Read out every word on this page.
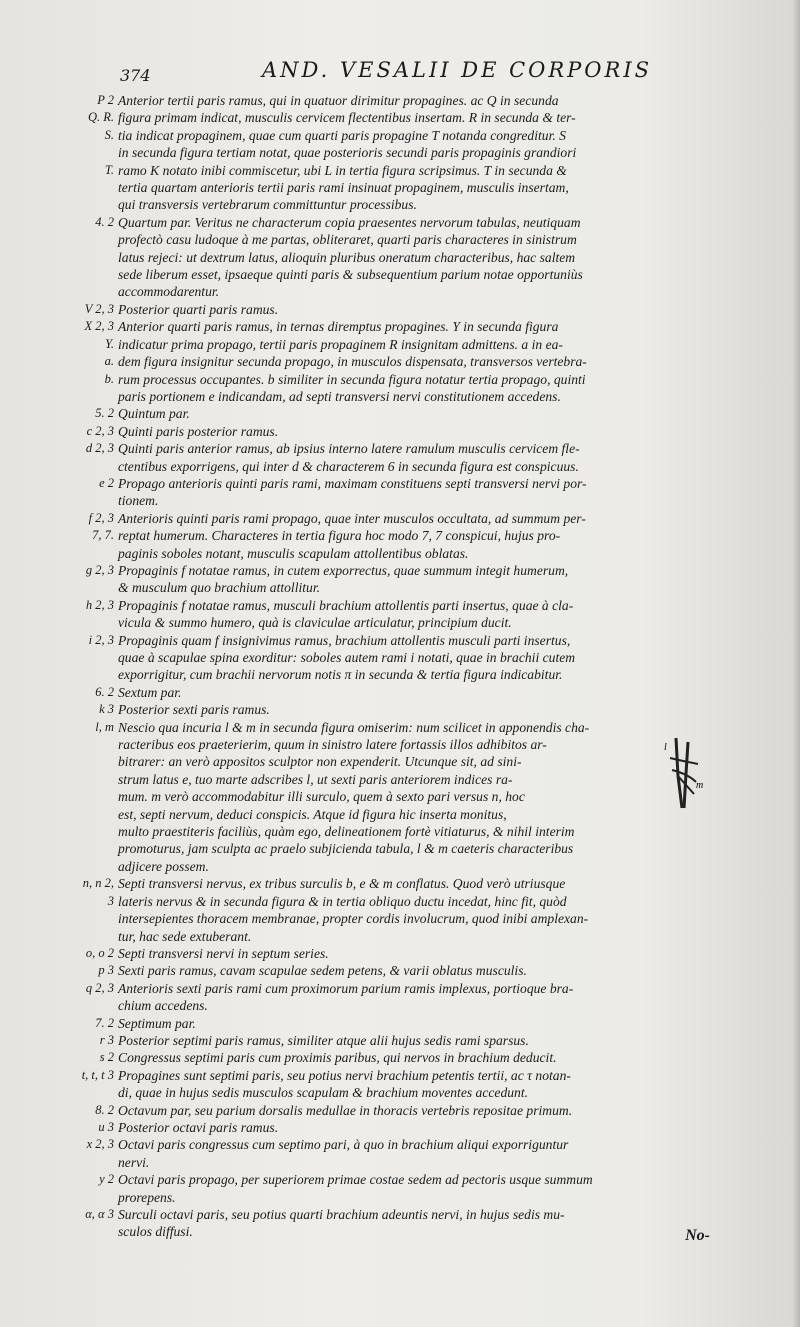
374	AND. VESALII DE CORPORIS
P 2 Anterior tertii paris ramus, qui in quatuor dirimitur propagines. ac Q in secunda
Q. R. figura primam indicat, musculis cervicem flectentibus insertam. R in secunda & ter-
S. tia indicat propaginem, quae cum quarti paris propagine T notanda congreditur. S
in secunda figura tertiam notat, quae posterioris secundi paris propaginis grandiori
T. ramo K notato inibi commiscetur, ubi L in tertia figura scripsimus. T in secunda &
tertia quartam anterioris tertii paris rami insinuat propaginem, musculis insertam,
qui transversis vertebrarum committuntur processibus.
4. 2 Quartum par. Veritus ne characterum copia praesentes nervorum tabulas, neutiquam
profectò casu ludoque à me partas, obliteraret, quarti paris characteres in sinistrum
latus rejeci: ut dextrum latus, alioquin pluribus oneratum characteribus, hac saltem
sede liberum esset, ipsaeque quinti paris & subsequentium parium notae opportuniùs
accommodarentur.
V 2, 3 Posterior quarti paris ramus.
X 2, 3 Anterior quarti paris ramus, in ternas diremptus propagines. Y in secunda figura
Y. indicatur prima propago, tertii paris propaginem R insignitam admittens. a in ea-
a. dem figura insignitur secunda propago, in musculos dispensata, transversos vertebra-
b. rum processus occupantes. b similiter in secunda figura notatur tertia propago, quinti
paris portionem e indicandam, ad septi transversi nervi constitutionem accedens.
5. 2 Quintum par.
c 2, 3 Quinti paris posterior ramus.
d 2, 3 Quinti paris anterior ramus, ab ipsius interno latere ramulum musculis cervicem fle-
ctentibus exporrigens, qui inter d & characterem 6 in secunda figura est conspicuus.
e 2 Propago anterioris quinti paris rami, maximam constituens septi transversi nervi por-
tionem.
f 2, 3 Anterioris quinti paris rami propago, quae inter musculos occultata, ad summum per-
7, 7. reptat humerum. Characteres in tertia figura hoc modo 7, 7 conspicui, hujus pro-
paginis soboles notant, musculis scapulam attollentibus oblatas.
g 2, 3 Propaginis f notatae ramus, in cutem exporrectus, quae summum integit humerum,
& musculum quo brachium attollitur.
h 2, 3 Propaginis f notatae ramus, musculi brachium attollentis parti insertus, quae à cla-
vicula & summo humero, quà is claviculae articulatur, principium ducit.
i 2, 3 Propaginis quam f insignivimus ramus, brachium attollentis musculi parti insertus,
quae à scapulae spina exorditur: soboles autem rami i notati, quae in brachii cutem
exporrigitur, cum brachii nervorum notis π in secunda & tertia figura indicabitur.
6. 2 Sextum par.
k 3 Posterior sexti paris ramus.
l, m Nescio qua incuria l & m in secunda figura omiserim: num scilicet in apponendis cha-
racteribus eos praeterierim, quum in sinistro latere fortassis illos adhibitos ar-
bitrarer: an verò appositos sculptor non expenderit. Utcunque sit, ad sini-
strum latus e, tuo marte adscribes l, ut sexti paris anteriorem indices ra-
mum. m verò accommodabitur illi surculo, quem à sexto pari versus n, hoc
est, septi nervum, deduci conspicis. Atque id figura hic inserta monitus,
multo praestiteris faciliùs, quàm ego, delineationem fortè vitiaturus, & nihil interim
promoturus, jam sculpta ac praelo subjicienda tabula, l & m caeteris characteribus
adjicere possem.
n, n 2, 3
Septi transversi nervus, ex tribus surculis b, e & m conflatus. Quod verò utriusque
lateris nervus & in secunda figura & in tertia obliquo ductu incedat, hinc fit, quòd
intersepientes thoracem membranae, propter cordis involucrum, quod inibi amplexan-
tur, hac sede extuberant.
o, o 2 Septi transversi nervi in septum series.
p 3 Sexti paris ramus, cavam scapulae sedem petens, & varii oblatus musculis.
q 2, 3 Anterioris sexti paris rami cum proximorum parium ramis implexus, portioque bra-
chium accedens.
7. 2 Septimum par.
r 3 Posterior septimi paris ramus, similiter atque alii hujus sedis rami sparsus.
s 2 Congressus septimi paris cum proximis paribus, qui nervos in brachium deducit.
t, t, t 3 Propagines sunt septimi paris, seu potius nervi brachium petentis tertii, ac τ notan-
di, quae in hujus sedis musculos scapulam & brachium moventes accedunt.
8. 2 Octavum par, seu parium dorsalis medullae in thoracis vertebris repositae primum.
u 3 Posterior octavi paris ramus.
x 2, 3 Octavi paris congressus cum septimo pari, à quo in brachium aliqui exporriguntur
nervi.
y 2 Octavi paris propago, per superiorem primae costae sedem ad pectoris usque summum
prorepens.
α, α 3 Surculi octavi paris, seu potius quarti brachium adeuntis nervi, in hujus sedis mu-
sculos diffusi.
l
m
No-
